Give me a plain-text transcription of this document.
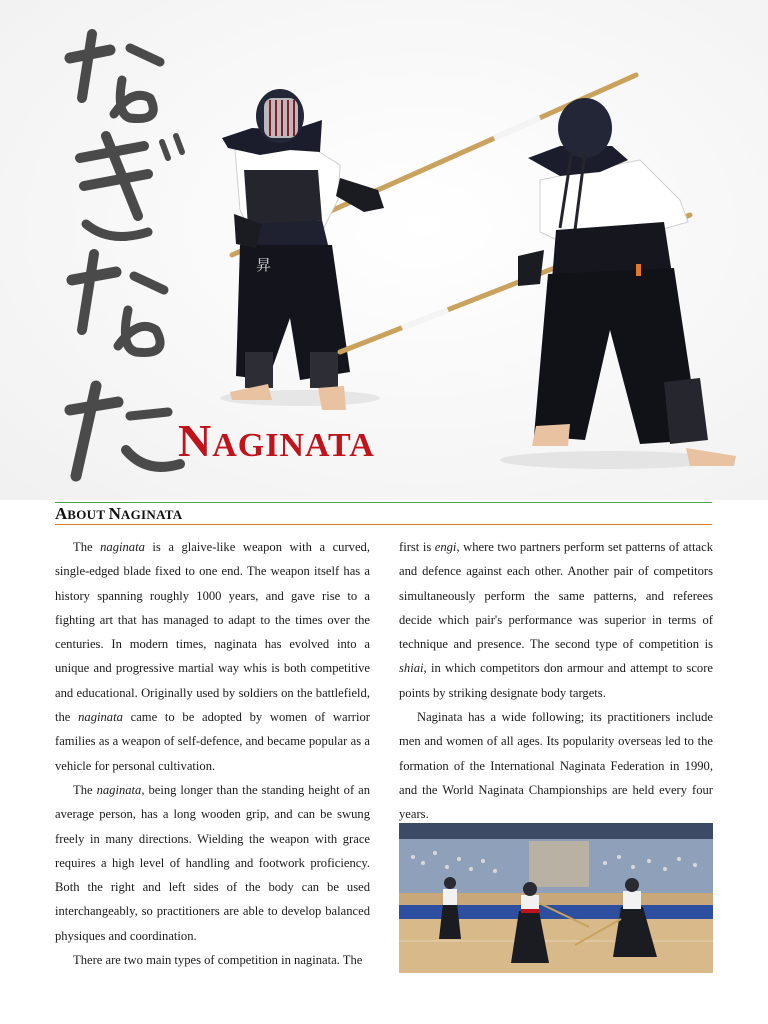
昇
NAGINATA
ABOUT NAGINATA

The naginata is a glaive-like weapon with a curved, single-edged blade fixed to one end. The weapon itself has a history spanning roughly 1000 years, and gave rise to a fighting art that has managed to adapt to the times over the centuries. In modern times, naginata has evolved into a unique and progressive martial way whis is both competitive and educational. Originally used by soldiers on the battlefield, the naginata came to be adopted by women of warrior families as a weapon of self-defence, and became popular as a vehicle for personal cultivation.

The naginata, being longer than the standing height of an average person, has a long wooden grip, and can be swung freely in many directions. Wielding the weapon with grace requires a high level of handling and footwork proficiency. Both the right and left sides of the body can be used interchangeably, so practitioners are able to develop balanced physiques and coordination.

There are two main types of competition in naginata. The

first is engi, where two partners perform set patterns of attack and defence against each other. Another pair of competitors simultaneously perform the same patterns, and referees decide which pair's performance was superior in terms of technique and presence. The second type of competition is shiai, in which competitors don armour and attempt to score points by striking designate body targets.

Naginata has a wide following; its practitioners include men and women of all ages. Its popularity overseas led to the formation of the International Naginata Federation in 1990, and the World Naginata Championships are held every four years.
